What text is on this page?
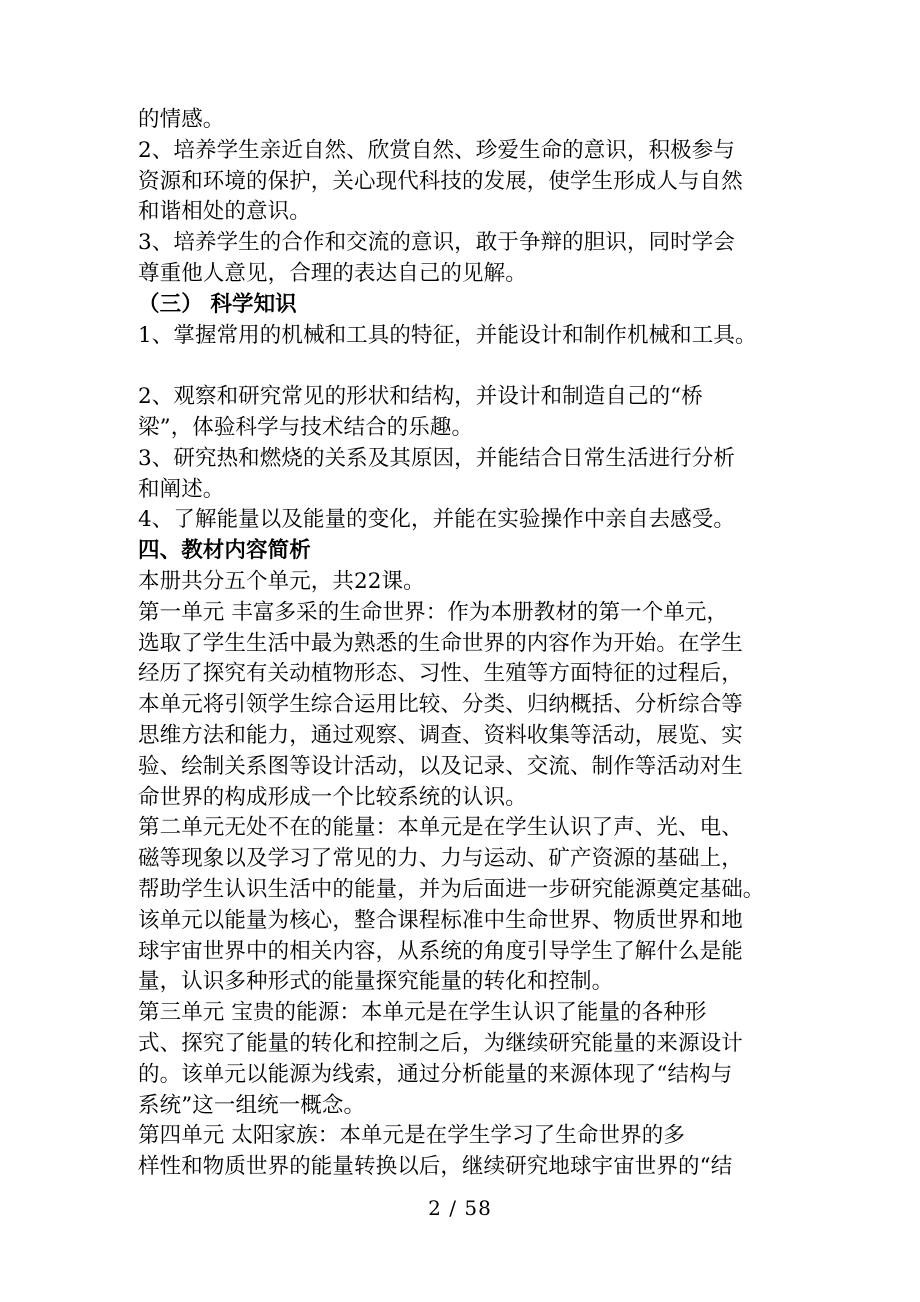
的情感。
2、培养学生亲近自然、欣赏自然、珍爱生命的意识，积极参与
资源和环境的保护，关心现代科技的发展，使学生形成人与自然
和谐相处的意识。
3、培养学生的合作和交流的意识，敢于争辩的胆识，同时学会
尊重他人意见，合理的表达自己的见解。
（三） 科学知识
1、掌握常用的机械和工具的特征，并能设计和制作机械和工具。
2、观察和研究常见的形状和结构，并设计和制造自己的“桥
梁”，体验科学与技术结合的乐趣。
3、研究热和燃烧的关系及其原因，并能结合日常生活进行分析
和阐述。
4、了解能量以及能量的变化，并能在实验操作中亲自去感受。
四、教材内容简析
本册共分五个单元，共22课。
第一单元 丰富多采的生命世界：作为本册教材的第一个单元，
选取了学生生活中最为熟悉的生命世界的内容作为开始。在学生
经历了探究有关动植物形态、习性、生殖等方面特征的过程后，
本单元将引领学生综合运用比较、分类、归纳概括、分析综合等
思维方法和能力，通过观察、调查、资料收集等活动，展览、实
验、绘制关系图等设计活动，以及记录、交流、制作等活动对生
命世界的构成形成一个比较系统的认识。
第二单元无处不在的能量：本单元是在学生认识了声、光、电、
磁等现象以及学习了常见的力、力与运动、矿产资源的基础上，
帮助学生认识生活中的能量，并为后面进一步研究能源奠定基础。
该单元以能量为核心，整合课程标准中生命世界、物质世界和地
球宇宙世界中的相关内容，从系统的角度引导学生了解什么是能
量，认识多种形式的能量探究能量的转化和控制。
第三单元 宝贵的能源：本单元是在学生认识了能量的各种形
式、探究了能量的转化和控制之后，为继续研究能量的来源设计
的。该单元以能源为线索，通过分析能量的来源体现了“结构与
系统”这一组统一概念。
第四单元 太阳家族：本单元是在学生学习了生命世界的多
样性和物质世界的能量转换以后，继续研究地球宇宙世界的“结
2 / 58
